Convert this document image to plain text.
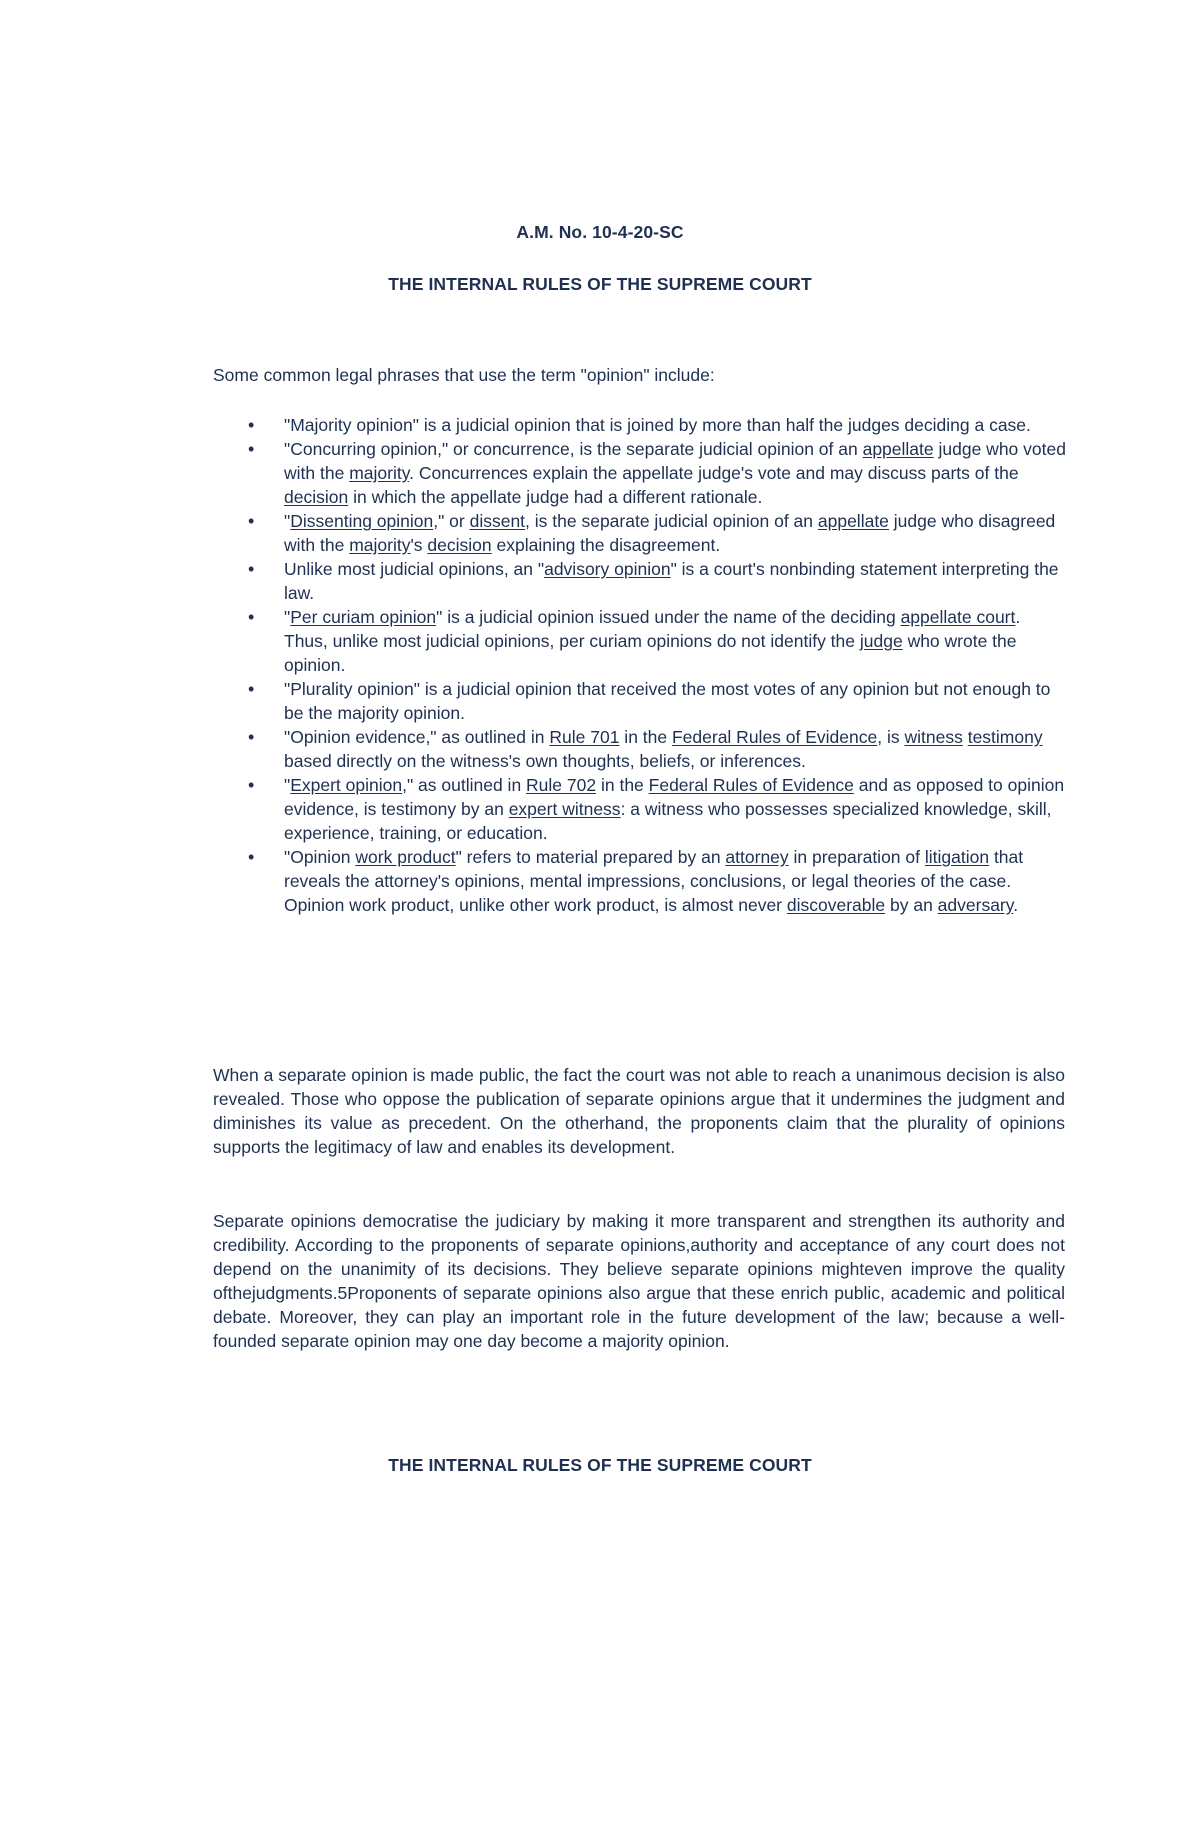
A.M. No. 10-4-20-SC
THE INTERNAL RULES OF THE SUPREME COURT
Some common legal phrases that use the term "opinion" include:
•	"Majority opinion" is a judicial opinion that is joined by more than half the judges deciding a case.
•	"Concurring opinion," or concurrence, is the separate judicial opinion of an appellate judge who voted with the majority. Concurrences explain the appellate judge's vote and may discuss parts of the decision in which the appellate judge had a different rationale.
•	"Dissenting opinion," or dissent, is the separate judicial opinion of an appellate judge who disagreed with the majority's decision explaining the disagreement.
•	Unlike most judicial opinions, an "advisory opinion" is a court's nonbinding statement interpreting the law.
•	"Per curiam opinion" is a judicial opinion issued under the name of the deciding appellate court. Thus, unlike most judicial opinions, per curiam opinions do not identify the judge who wrote the opinion.
•	"Plurality opinion" is a judicial opinion that received the most votes of any opinion but not enough to be the majority opinion.
•	"Opinion evidence," as outlined in Rule 701 in the Federal Rules of Evidence, is witness testimony based directly on the witness's own thoughts, beliefs, or inferences.
•	"Expert opinion," as outlined in Rule 702 in the Federal Rules of Evidence and as opposed to opinion evidence, is testimony by an expert witness: a witness who possesses specialized knowledge, skill, experience, training, or education.
•	"Opinion work product" refers to material prepared by an attorney in preparation of litigation that reveals the attorney's opinions, mental impressions, conclusions, or legal theories of the case. Opinion work product, unlike other work product, is almost never discoverable by an adversary.
When a separate opinion is made public, the fact the court was not able to reach a unanimous decision is also revealed. Those who oppose the publication of separate opinions argue that it undermines the judgment and diminishes its value as precedent. On the otherhand, the proponents claim that the plurality of opinions supports the legitimacy of law and enables its development.
Separate opinions democratise the judiciary by making it more transparent and strengthen its authority and credibility. According to the proponents of separate opinions,authority and acceptance of any court does not depend on the unanimity of its decisions. They believe separate opinions mighteven improve the quality ofthejudgments.5Proponents of separate opinions also argue that these enrich public, academic and political debate. Moreover, they can play an important role in the future development of the law; because a well-founded separate opinion may one day become a majority opinion.
THE INTERNAL RULES OF THE SUPREME COURT
